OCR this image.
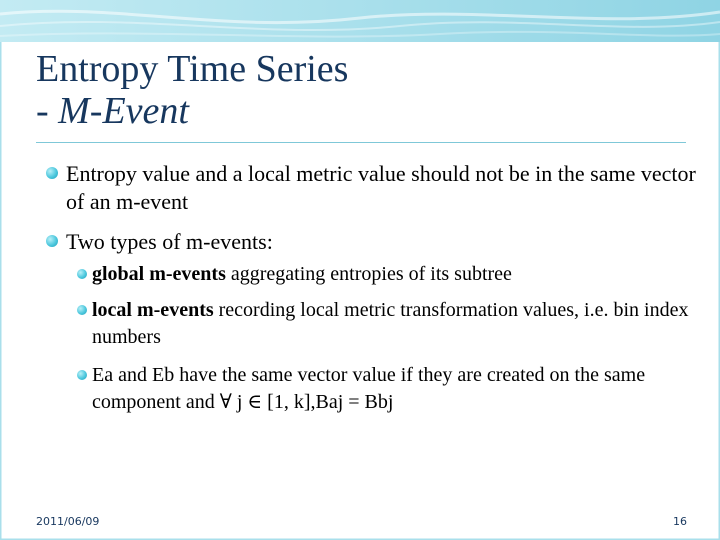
Entropy Time Series
- M-Event
Entropy value and a local metric value should not be in the same vector of an m-event
Two types of m-events:
global m-events aggregating entropies of its subtree
local m-events recording local metric transformation values, i.e. bin index numbers
Ea and Eb have the same vector value if they are created on the same component and ∀ j ∈ [1, k],Baj = Bbj
2011/06/09	16
